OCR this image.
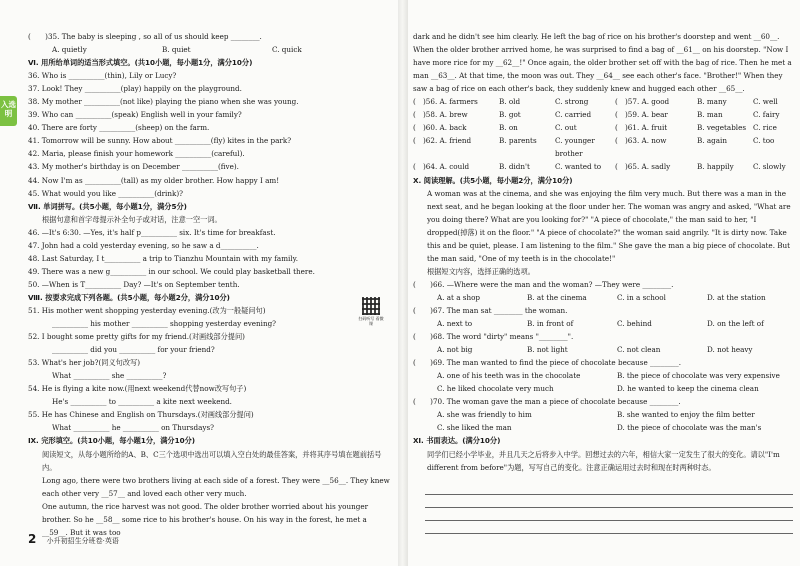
入选明
(　　)35. The baby is sleeping , so all of us should keep ________.
A. quietly	B. quiet	C. quick
Ⅵ. 用所给单词的适当形式填空。(共10小题，每小题1分，满分10分)
36. Who is __________(thin), Lily or Lucy?
37. Look! They __________(play) happily on the playground.
38. My mother __________(not like) playing the piano when she was young.
39. Who can __________(speak) English well in your family?
40. There are forty __________(sheep) on the farm.
41. Tomorrow will be sunny. How about __________(fly) kites in the park?
42. Maria, please finish your homework __________(careful).
43. My mother's birthday is on December __________(five).
44. Now I'm as __________(tall) as my older brother. How happy I am!
45. What would you like __________(drink)?
Ⅶ. 单词拼写。(共5小题，每小题1分，满分5分)
根据句意和首字母提示补全句子或对话，注意一空一词。
46. —It's 6:30. —Yes, it's half p__________ six. It's time for breakfast.
47. John had a cold yesterday evening, so he saw a d__________.
48. Last Saturday, I t__________ a trip to Tianzhu Mountain with my family.
49. There was a new g__________ in our school. We could play basketball there.
50. —When is T__________ Day? —It's on September tenth.
Ⅷ. 按要求完成下列各题。(共5小题，每小题2分，满分10分)
51. His mother went shopping yesterday evening.(改为一般疑问句)
__________ his mother __________ shopping yesterday evening?
52. I bought some pretty gifts for my friend.(对画线部分提问)
__________ did you __________ for your friend?
53. What's her job?(同义句改写)
What __________ she __________?
54. He is flying a kite now.(用next weekend代替now改写句子)
He's __________ to __________ a kite next weekend.
55. He has Chinese and English on Thursdays.(对画线部分提问)
What __________ he __________ on Thursdays?
Ⅸ. 完形填空。(共10小题，每小题1分，满分10分)
阅读短文，从每小题所给的A、B、C三个选项中选出可以填入空白处的最佳答案，并将其序号填在题前括号内。
Long ago, there were two brothers living at each side of a forest. They were __56__. They knew each other very __57__ and loved each other very much.
One autumn, the rice harvest was not good. The older brother worried about his younger brother. So he __58__ some rice to his brother's house. On his way in the forest, he met a __59__. But it was too
2 小升初招生分班卷·英语
dark and he didn't see him clearly. He left the bag of rice on his brother's doorstep and went __60__. When the older brother arrived home, he was surprised to find a bag of __61__ on his doorstep. "Now I have more rice for my __62__!" Once again, the older brother set off with the bag of rice. Then he met a man __63__. At that time, the moon was out. They __64__ see each other's face. "Brother!" When they saw a bag of rice on each other's back, they suddenly knew and hugged each other __65__.
(　)56. A. farmers	B. old	C. strong	(　)57. A. good	B. many	C. well
(　)58. A. brew	B. got	C. carried	(　)59. A. bear	B. man	C. fairy
(　)60. A. back	B. on	C. out	(　)61. A. fruit	B. vegetables C. rice
(　)62. A. friend	B. parents	C. younger brother
(　)63. A. now	B. again	C. too
(　)64. A. could	B. didn't	C. wanted to	(　)65. A. sadly	B. happily	C. slowly
Ⅹ. 阅读理解。(共5小题，每小题2分，满分10分)
A woman was at the cinema, and she was enjoying the film very much. But there was a man in the next seat, and he began looking at the floor under her. The woman was angry and asked, "What are you doing there? What are you looking for?" "A piece of chocolate," the man said to her, "I dropped(掉落) it on the floor." "A piece of chocolate?" the woman said angrily. "It is dirty now. Take this and be quiet, please. I am listening to the film." She gave the man a big piece of chocolate. But the man said, "One of my teeth is in the chocolate!"
根据短文内容，选择正确的选项。
(　　)66. —Where were the man and the woman? —They were ________.
A. at a shop	B. at the cinema	C. in a school	D. at the station
(　　)67. The man sat ________ the woman.
A. next to	B. in front of	C. behind	D. on the left of
(　　)68. The word "dirty" means "________".
A. not big	B. not light	C. not clean	D. not heavy
(　　)69. The man wanted to find the piece of chocolate because ________.
A. one of his teeth was in the chocolate	B. the piece of chocolate was very expensive
C. he liked chocolate very much	D. he wanted to keep the cinema clean
(　　)70. The woman gave the man a piece of chocolate because ________.
A. she was friendly to him	B. she wanted to enjoy the film better
C. she liked the man	D. the piece of chocolate was the man's
Ⅺ. 书面表达。(满分10分)
同学们已经小学毕业，并且几天之后将步入中学。回想过去的六年，相信大家一定发生了很大的变化。请以"I'm different from before"为题，写写自己的变化。注意正确运用过去时和现在时两种时态。
扫码听写 看微课
